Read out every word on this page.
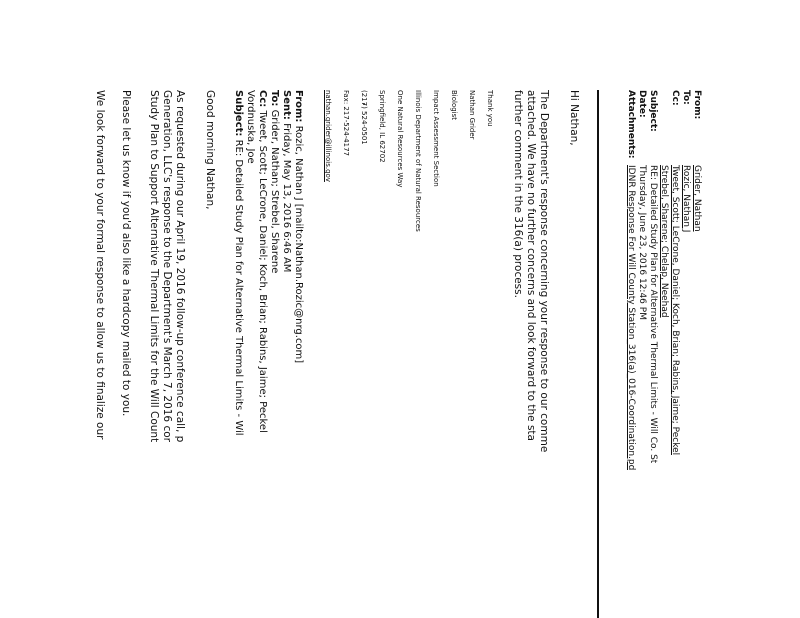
From:
Grider, Nathan
To:
Rozic, Nathan J
Cc:
Tweet, Scott; LeCrone, Daniel; Koch, Brian; Rabins, Jaime; Peckel
Strebel, Sharene; Chelap, Neehad
Subject:
RE: Detailed Study Plan for Alternative Thermal Limits - Will Co. St
Date:
Thursday, June 23, 2016 12:46 PM
Attachments:
IDNR Response For Will County Station_316(a)_016-Coordination.pd
Hi Nathan,
The Department's response concerning your response to our comme
attached. We have no further concerns and look forward to the sta
further comment in the 316(a) process.
Thank you
Nathan Grider
Biologist
Impact Assessment Section
Illinois Department of Natural Resources
One Natural Resources Way
Springfield, IL 62702
(217) 524-0501
Fax: 217-524-4177
nathan.grider@illinois.gov
From: Rozic, Nathan J [mailto:Nathan.Rozic@nrg.com]
Sent: Friday, May 13, 2016 6:46 AM
To: Grider, Nathan; Strebel, Sharene
Cc: Tweet, Scott; LeCrone, Daniel; Koch, Brian; Rabins, Jaime; Peckel
Vordnuska, Joe
Subject: RE: Detailed Study Plan for Alternative Thermal Limits - Wil
Good morning Nathan,
As requested during our April 19, 2016 follow-up conference call, p
Generation, LLC's response to the Department's March 7, 2016 cor
Study Plan to Support Alternative Thermal Limits for the Will Count
Please let us know if you'd also like a hardcopy mailed to you.
We look forward to your formal response to allow us to finalize our
